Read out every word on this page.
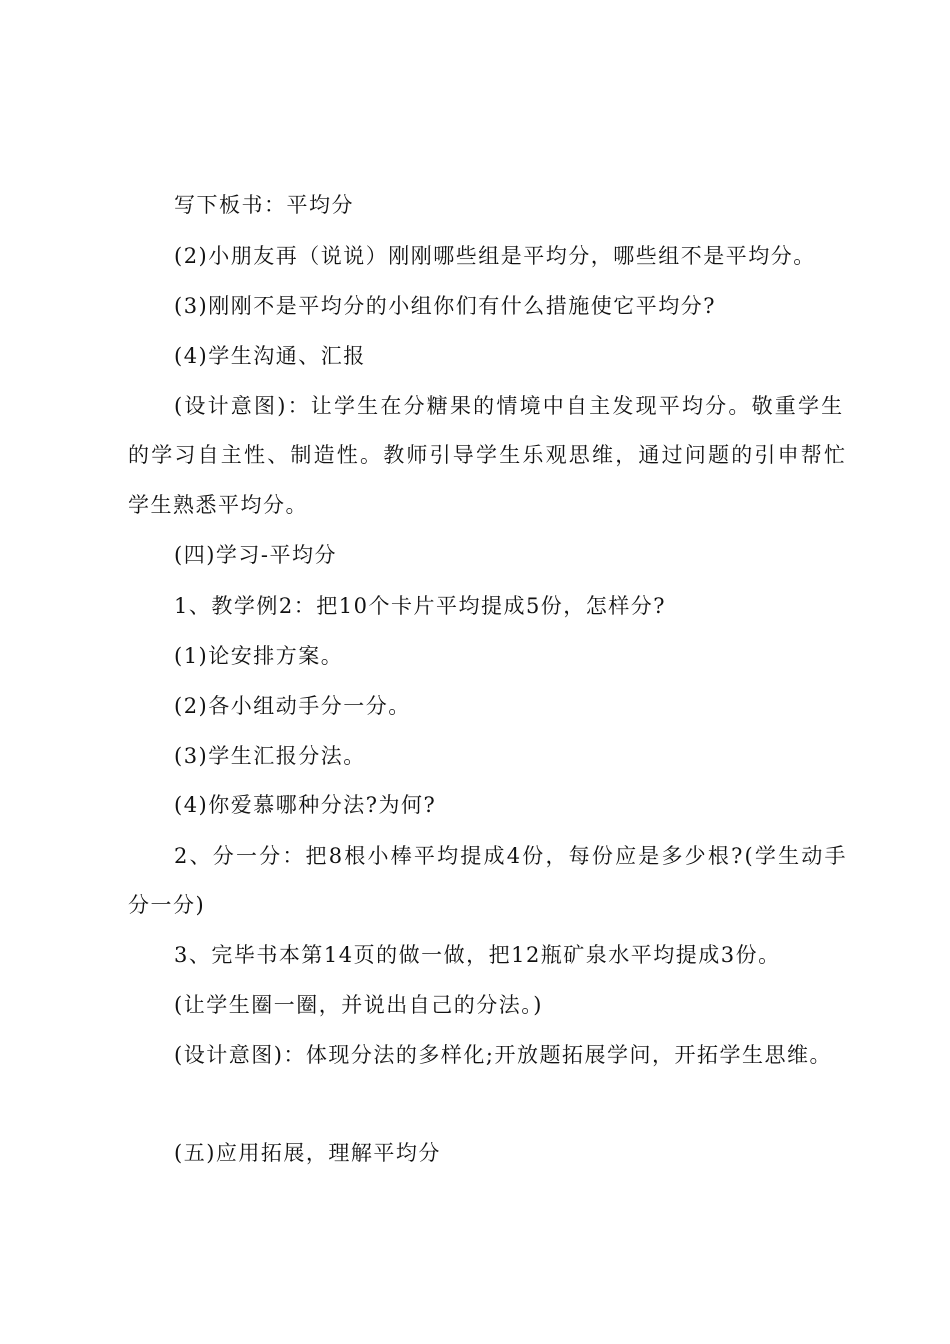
写下板书：平均分
(2)小朋友再（说说）刚刚哪些组是平均分，哪些组不是平均分。
(3)刚刚不是平均分的小组你们有什么措施使它平均分?
(4)学生沟通、汇报
(设计意图)：让学生在分糖果的情境中自主发现平均分。敬重学生
的学习自主性、制造性。教师引导学生乐观思维，通过问题的引申帮忙
学生熟悉平均分。
(四)学习-平均分
1、教学例2：把10个卡片平均提成5份，怎样分?
(1)论安排方案。
(2)各小组动手分一分。
(3)学生汇报分法。
(4)你爱慕哪种分法?为何?
2、分一分：把8根小棒平均提成4份，每份应是多少根?(学生动手
分一分)
3、完毕书本第14页的做一做，把12瓶矿泉水平均提成3份。
(让学生圈一圈，并说出自己的分法。)
(设计意图)：体现分法的多样化;开放题拓展学问，开拓学生思维。
(五)应用拓展，理解平均分
